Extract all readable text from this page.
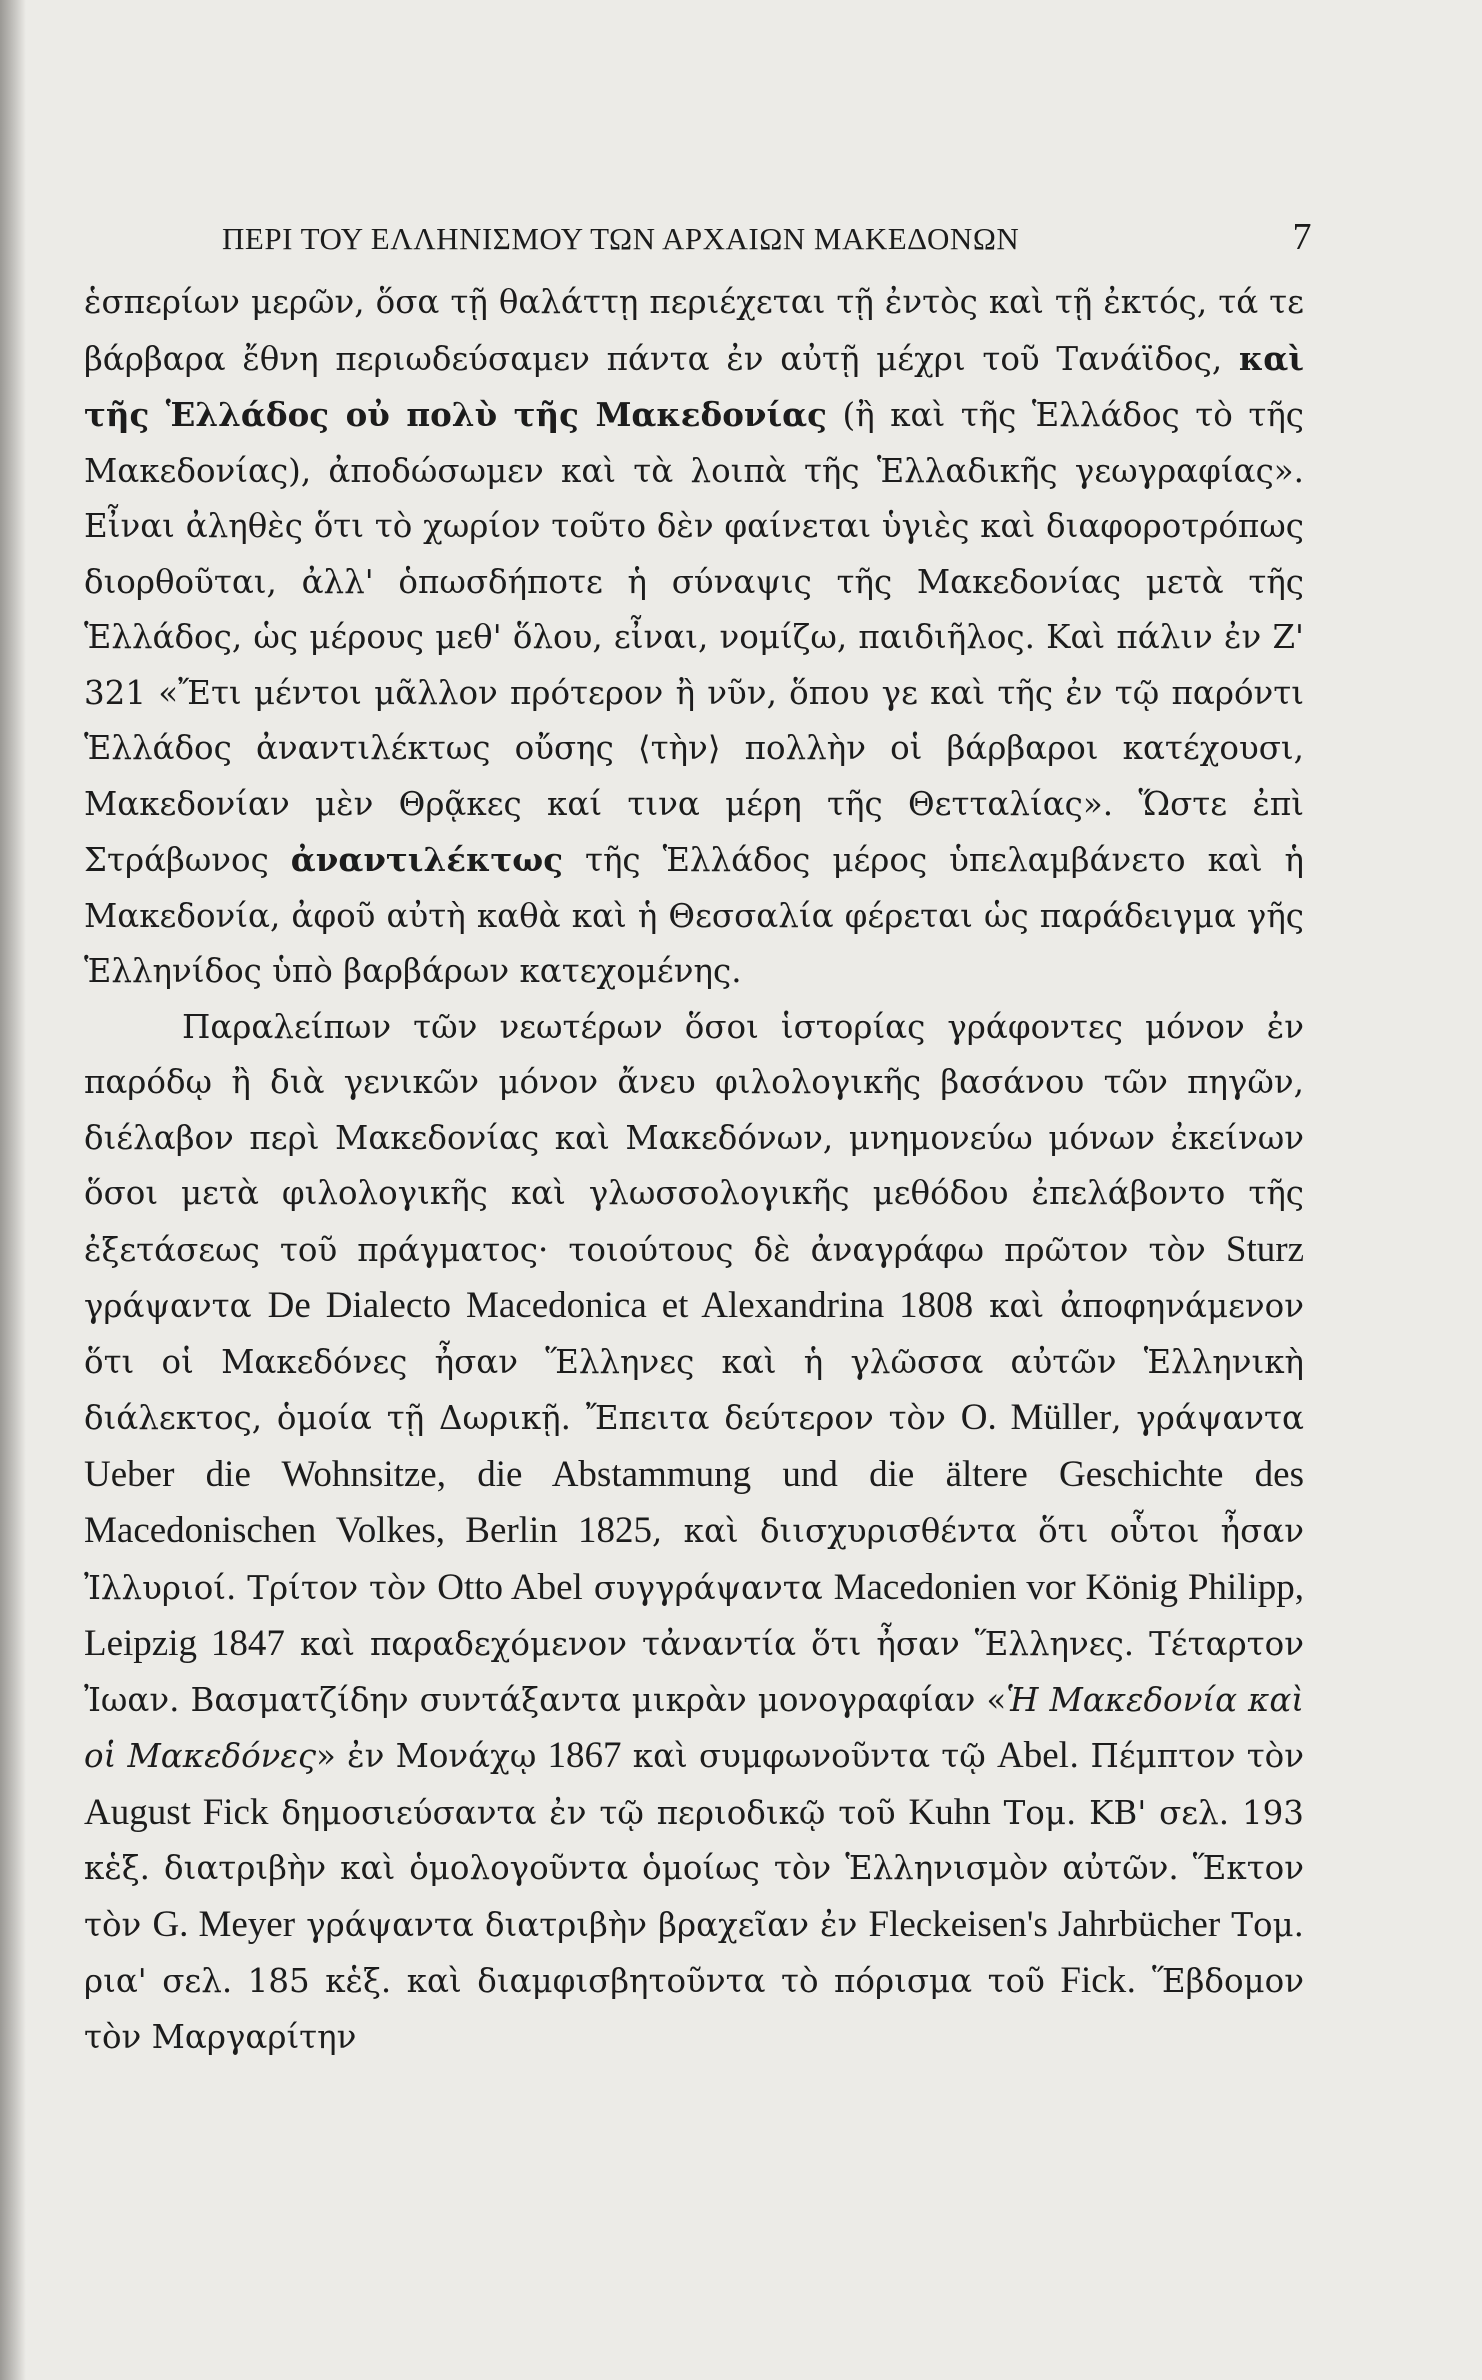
ΠΕΡΙ ΤΟΥ ΕΛΛΗΝΙΣΜΟΥ ΤΩΝ ΑΡΧΑΙΩΝ ΜΑΚΕΔΟΝΩΝ	7

ἑσπερίων μερῶν, ὅσα τῇ θαλάττῃ περιέχεται τῇ ἐντὸς καὶ τῇ ἐκτός, τά τε βάρβαρα ἔθνη περιωδεύσαμεν πάντα ἐν αὐτῇ μέχρι τοῦ Τανάϊδος, καὶ τῆς Ἑλλάδος οὐ πολὺ τῆς Μακεδονίας (ἢ καὶ τῆς Ἑλλάδος τὸ τῆς Μακεδονίας), ἀποδώσωμεν καὶ τὰ λοιπὰ τῆς Ἑλλαδικῆς γεωγραφίας». Εἶναι ἀληθὲς ὅτι τὸ χωρίον τοῦτο δὲν φαίνεται ὑγιὲς καὶ διαφοροτρόπως διορθοῦται, ἀλλ' ὁπωσδήποτε ἡ σύναψις τῆς Μακεδονίας μετὰ τῆς Ἑλλάδος, ὡς μέρους μεθ' ὅλου, εἶναι, νομίζω, παιδιῆλος. Καὶ πάλιν ἐν Ζ' 321 «Ἔτι μέντοι μᾶλλον πρότερον ἢ νῦν, ὅπου γε καὶ τῆς ἐν τῷ παρόντι Ἑλλάδος ἀναντιλέκτως οὔσης ⟨τὴν⟩ πολλὴν οἱ βάρβαροι κατέχουσι, Μακεδονίαν μὲν Θρᾷκες καί τινα μέρη τῆς Θετταλίας». Ὥστε ἐπὶ Στράβωνος ἀναντιλέκτως τῆς Ἑλλάδος μέρος ὑπελαμβάνετο καὶ ἡ Μακεδονία, ἀφοῦ αὐτὴ καθὰ καὶ ἡ Θεσσαλία φέρεται ὡς παράδειγμα γῆς Ἑλληνίδος ὑπὸ βαρβάρων κατεχομένης.

Παραλείπων τῶν νεωτέρων ὅσοι ἱστορίας γράφοντες μόνον ἐν παρόδῳ ἢ διὰ γενικῶν μόνον ἄνευ φιλολογικῆς βασάνου τῶν πηγῶν, διέλαβον περὶ Μακεδονίας καὶ Μακεδόνων, μνημονεύω μόνων ἐκείνων ὅσοι μετὰ φιλολογικῆς καὶ γλωσσολογικῆς μεθόδου ἐπελάβοντο τῆς ἐξετάσεως τοῦ πράγματος· τοιούτους δὲ ἀναγράφω πρῶτον τὸν Sturz γράψαντα De Dialecto Macedonica et Alexandrina 1808 καὶ ἀποφηνάμενον ὅτι οἱ Μακεδόνες ἦσαν Ἕλληνες καὶ ἡ γλῶσσα αὐτῶν Ἑλληνικὴ διάλεκτος, ὁμοία τῇ Δωρικῇ. Ἔπειτα δεύτερον τὸν O. Müller, γράψαντα Ueber die Wohnsitze, die Abstammung und die ältere Geschichte des Macedonischen Volkes, Berlin 1825, καὶ διισχυρισθέντα ὅτι οὗτοι ἦσαν Ἰλλυριοί. Τρίτον τὸν Otto Abel συγγράψαντα Macedonien vor König Philipp, Leipzig 1847 καὶ παραδεχόμενον τἀναντία ὅτι ἦσαν Ἕλληνες. Τέταρτον Ἰωαν. Βασματζίδην συντάξαντα μικρὰν μονογραφίαν «Ἡ Μακεδονία καὶ οἱ Μακεδόνες» ἐν Μονάχῳ 1867 καὶ συμφωνοῦντα τῷ Abel. Πέμπτον τὸν August Fick δημοσιεύσαντα ἐν τῷ περιοδικῷ τοῦ Kuhn Τομ. ΚΒ' σελ. 193 κἑξ. διατριβὴν καὶ ὁμολογοῦντα ὁμοίως τὸν Ἑλληνισμὸν αὐτῶν. Ἕκτον τὸν G. Meyer γράψαντα διατριβὴν βραχεῖαν ἐν Fleckeisen's Jahrbücher Τομ. ρια' σελ. 185 κἑξ. καὶ διαμφισβητοῦντα τὸ πόρισμα τοῦ Fick. Ἕβδομον τὸν Μαργαρίτην
